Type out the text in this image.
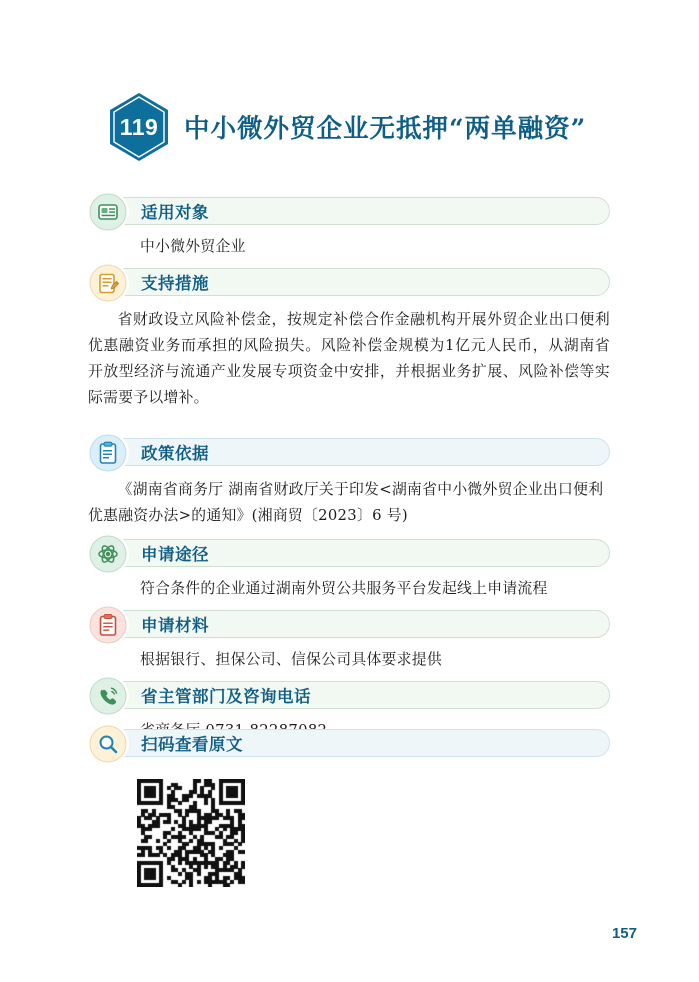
119 中小微外贸企业无抵押“两单融资”
适用对象
中小微外贸企业
支持措施
省财政设立风险补偿金，按规定补偿合作金融机构开展外贸企业出口便利优惠融资业务而承担的风险损失。风险补偿金规模为1亿元人民币，从湖南省开放型经济与流通产业发展专项资金中安排，并根据业务扩展、风险补偿等实际需要予以增补。
政策依据
《湖南省商务厅 湖南省财政厅关于印发<湖南省中小微外贸企业出口便利优惠融资办法>的通知》(湘商贸〔2023〕6 号)
申请途径
符合条件的企业通过湖南外贸公共服务平台发起线上申请流程
申请材料
根据银行、担保公司、信保公司具体要求提供
省主管部门及咨询电话
扫码查看原文
157
